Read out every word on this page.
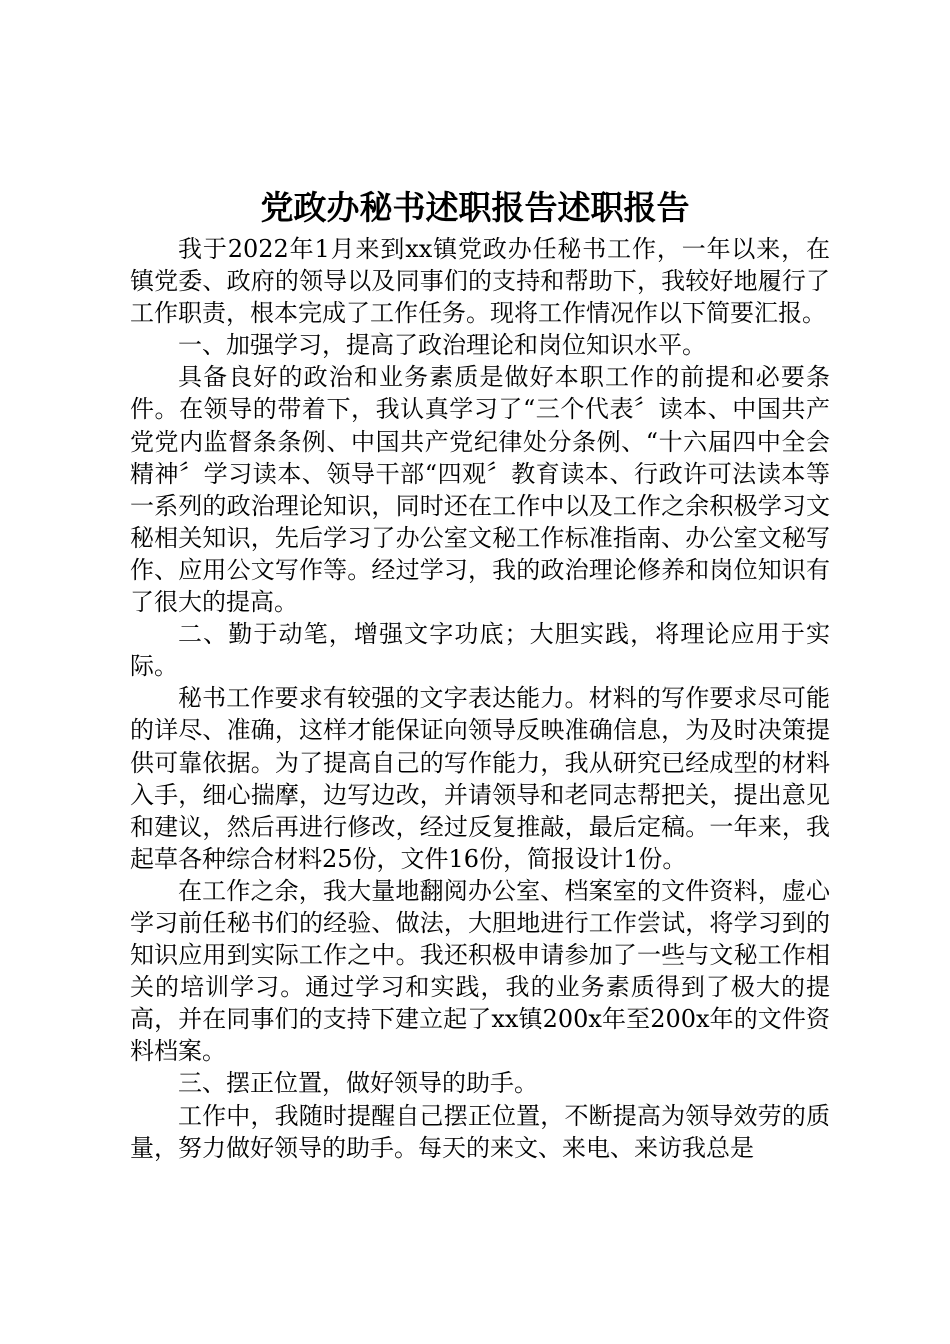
党政办秘书述职报告述职报告

我于2022年1月来到xx镇党政办任秘书工作，一年以来，在镇党委、政府的领导以及同事们的支持和帮助下，我较好地履行了工作职责，根本完成了工作任务。现将工作情况作以下简要汇报。

一、加强学习，提高了政治理论和岗位知识水平。

具备良好的政治和业务素质是做好本职工作的前提和必要条件。在领导的带着下，我认真学习了“三个代表〞读本、中国共产党党内监督条条例、中国共产党纪律处分条例、“十六届四中全会精神〞学习读本、领导干部“四观〞教育读本、行政许可法读本等一系列的政治理论知识，同时还在工作中以及工作之余积极学习文秘相关知识，先后学习了办公室文秘工作标准指南、办公室文秘写作、应用公文写作等。经过学习，我的政治理论修养和岗位知识有了很大的提高。

二、勤于动笔，增强文字功底；大胆实践，将理论应用于实际。

秘书工作要求有较强的文字表达能力。材料的写作要求尽可能的详尽、准确，这样才能保证向领导反映准确信息，为及时决策提供可靠依据。为了提高自己的写作能力，我从研究已经成型的材料入手，细心揣摩，边写边改，并请领导和老同志帮把关，提出意见和建议，然后再进行修改，经过反复推敲，最后定稿。一年来，我起草各种综合材料25份，文件16份，简报设计1份。

在工作之余，我大量地翻阅办公室、档案室的文件资料，虚心学习前任秘书们的经验、做法，大胆地进行工作尝试，将学习到的知识应用到实际工作之中。我还积极申请参加了一些与文秘工作相关的培训学习。通过学习和实践，我的业务素质得到了极大的提高，并在同事们的支持下建立起了xx镇200x年至200x年的文件资料档案。

三、摆正位置，做好领导的助手。

工作中，我随时提醒自己摆正位置，不断提高为领导效劳的质量，努力做好领导的助手。每天的来文、来电、来访我总是
